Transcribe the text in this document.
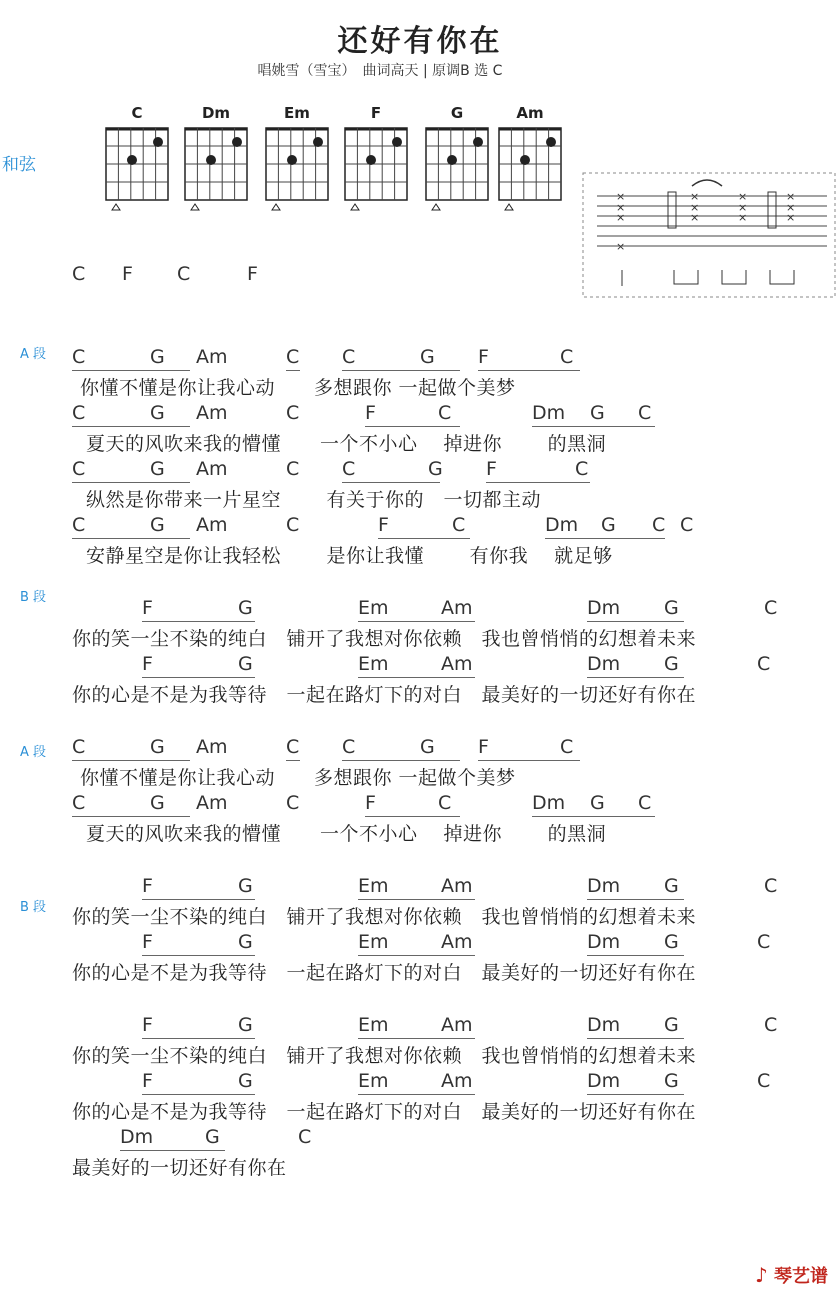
还好有你在
唱姚雪（雪宝）　曲词高天 | 原调B 选 C
和弦
C	Dm	Em	F	G	Am
×
×
×
×
×
×
×
×
×
×
×
×
×
C F C	F
A 段
B 段
A 段
B 段
C	G Am	C C	G F	C
你懂不懂是你让我心动　　多想跟你 一起做个美梦
C	G Am	C	F	C	Dm G C
夏天的风吹来我的懵懂　　一个不小心　 掉进你　　 的黑洞
C	G Am	C C	G F	C
纵然是你带来一片星空　　 有关于你的　一切都主动
C	G Am	C	F	C	Dm G C C
安静星空是你让我轻松　　 是你让我懂　　 有你我　 就足够
F	G	Em	Am	Dm G	C
你的笑一尘不染的纯白　铺开了我想对你依赖　我也曾悄悄的幻想着未来
F	G	Em	Am	Dm G	C
你的心是不是为我等待　一起在路灯下的对白　最美好的一切还好有你在
C	G Am	C C	G F	C
你懂不懂是你让我心动　　多想跟你 一起做个美梦
C	G Am	C	F	C	Dm G C
夏天的风吹来我的懵懂　　一个不小心　 掉进你　　 的黑洞
F	G	Em	Am	Dm G	C
你的笑一尘不染的纯白　铺开了我想对你依赖　我也曾悄悄的幻想着未来
F	G	Em	Am	Dm G	C
你的心是不是为我等待　一起在路灯下的对白　最美好的一切还好有你在
F	G	Em	Am	Dm G	C
你的笑一尘不染的纯白　铺开了我想对你依赖　我也曾悄悄的幻想着未来
F	G	Em	Am	Dm G	C
你的心是不是为我等待　一起在路灯下的对白　最美好的一切还好有你在
Dm	G	C
最美好的一切还好有你在
♪ 琴艺谱
